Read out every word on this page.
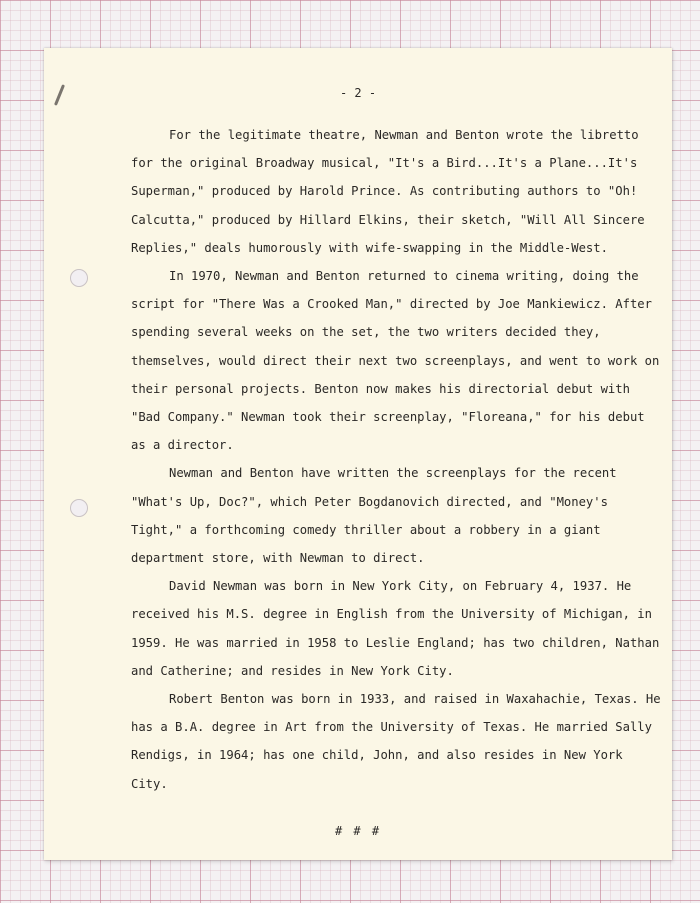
- 2 -

For the legitimate theatre, Newman and Benton wrote the libretto for the original Broadway musical, "It's a Bird...It's a Plane...It's Superman," produced by Harold Prince. As contributing authors to "Oh! Calcutta," produced by Hillard Elkins, their sketch, "Will All Sincere Replies," deals humorously with wife-swapping in the Middle-West.

In 1970, Newman and Benton returned to cinema writing, doing the script for "There Was a Crooked Man," directed by Joe Mankiewicz. After spending several weeks on the set, the two writers decided they, themselves, would direct their next two screenplays, and went to work on their personal projects. Benton now makes his directorial debut with "Bad Company." Newman took their screenplay, "Floreana," for his debut as a director.

Newman and Benton have written the screenplays for the recent "What's Up, Doc?", which Peter Bogdanovich directed, and "Money's Tight," a forthcoming comedy thriller about a robbery in a giant department store, with Newman to direct.

David Newman was born in New York City, on February 4, 1937. He received his M.S. degree in English from the University of Michigan, in 1959. He was married in 1958 to Leslie England; has two children, Nathan and Catherine; and resides in New York City.

Robert Benton was born in 1933, and raised in Waxahachie, Texas. He has a B.A. degree in Art from the University of Texas. He married Sally Rendigs, in 1964; has one child, John, and also resides in New York City.

# # #
